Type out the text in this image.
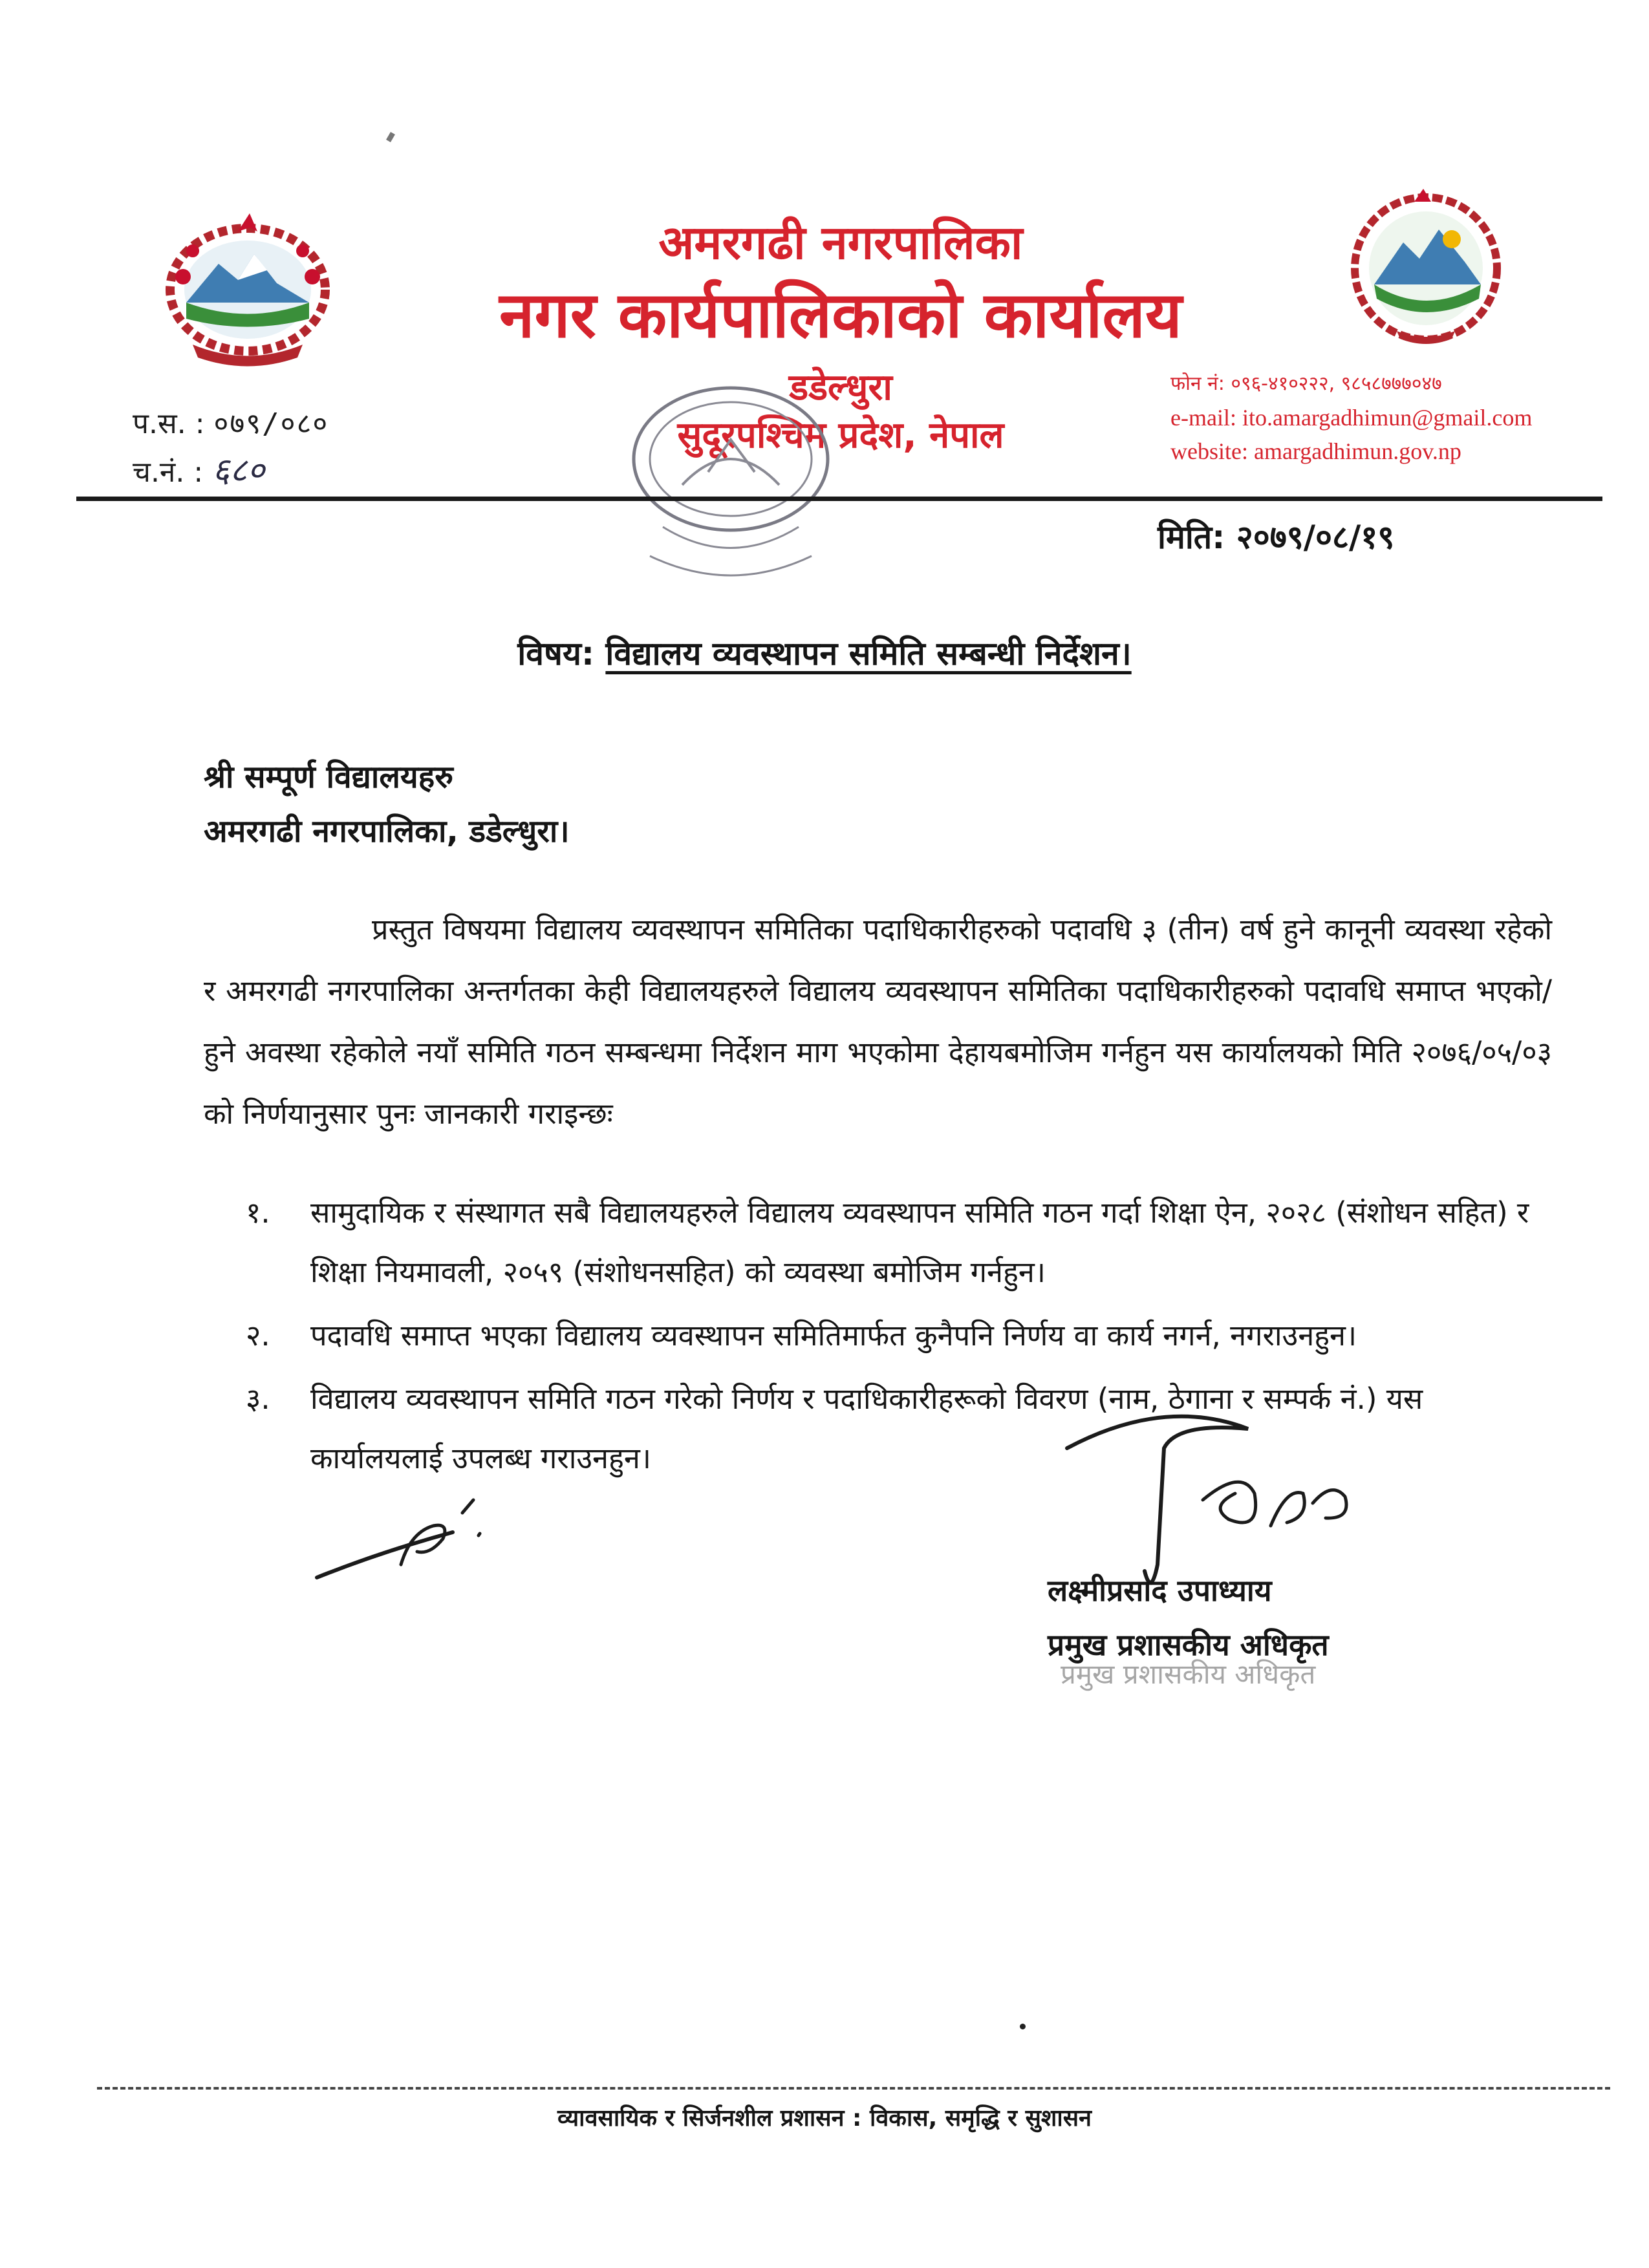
अमरगढी नगरपालिका
नगर कार्यपालिकाको कार्यालय
डडेल्धुरा
सुदूरपश्चिम प्रदेश, नेपाल
प.स. : ०७९/०८०
च.नं. : ६८०
फोन नं: ०९६-४१०२२२, ९८५८७७७०४७
e-mail: ito.amargadhimun@gmail.com
website: amargadhimun.gov.np
मिति: २०७९/०८/१९
विषय: विद्यालय व्यवस्थापन समिति सम्बन्धी निर्देशन।
श्री सम्पूर्ण विद्यालयहरु
अमरगढी नगरपालिका, डडेल्धुरा।
प्रस्तुत विषयमा विद्यालय व्यवस्थापन समितिका पदाधिकारीहरुको पदावधि ३ (तीन) वर्ष हुने कानूनी व्यवस्था रहेको र अमरगढी नगरपालिका अन्तर्गतका केही विद्यालयहरुले विद्यालय व्यवस्थापन समितिका पदाधिकारीहरुको पदावधि समाप्त भएको/हुने अवस्था रहेकोले नयाँ समिति गठन सम्बन्धमा निर्देशन माग भएकोमा देहायबमोजिम गर्नहुन यस कार्यालयको मिति २०७६/०५/०३ को निर्णयानुसार पुनः जानकारी गराइन्छः
१. सामुदायिक र संस्थागत सबै विद्यालयहरुले विद्यालय व्यवस्थापन समिति गठन गर्दा शिक्षा ऐन, २०२८ (संशोधन सहित) र शिक्षा नियमावली, २०५९ (संशोधनसहित) को व्यवस्था बमोजिम गर्नहुन।
२. पदावधि समाप्त भएका विद्यालय व्यवस्थापन समितिमार्फत कुनैपनि निर्णय वा कार्य नगर्न, नगराउनहुन।
३. विद्यालय व्यवस्थापन समिति गठन गरेको निर्णय र पदाधिकारीहरूको विवरण (नाम, ठेगाना र सम्पर्क नं.) यस कार्यालयलाई उपलब्ध गराउनहुन।
लक्ष्मीप्रसाद उपाध्याय
प्रमुख प्रशासकीय अधिकृत
प्रमुख प्रशासकीय अधिकृत
व्यावसायिक र सिर्जनशील प्रशासन : विकास, समृद्धि र सुशासन
